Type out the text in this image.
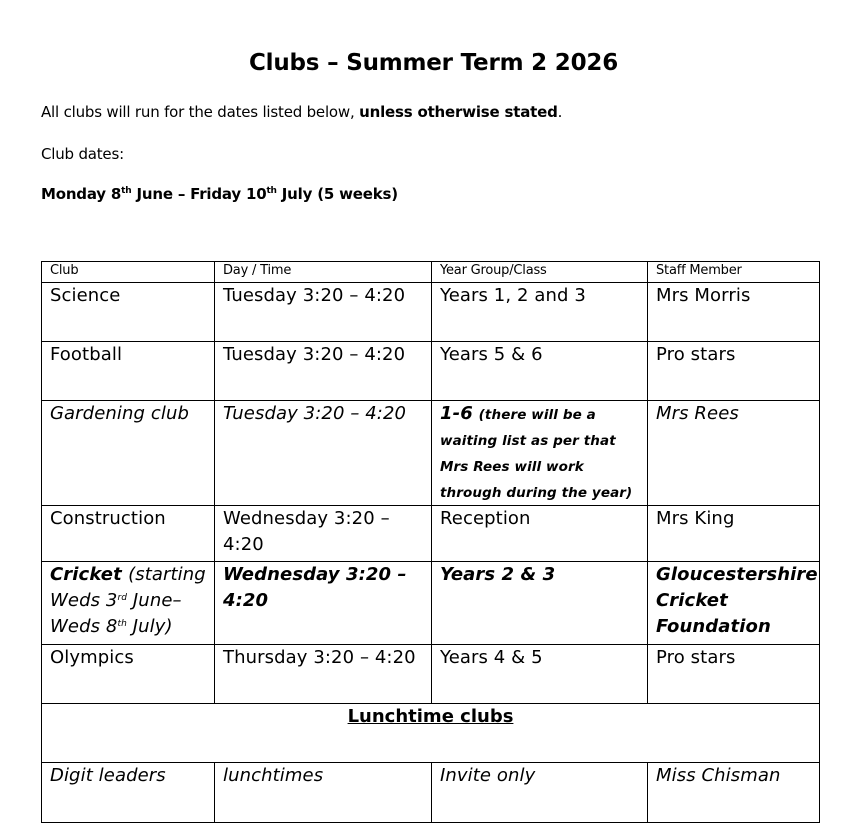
Clubs – Summer Term 2 2026
All clubs will run for the dates listed below, unless otherwise stated.
Club dates:
Monday 8th June – Friday 10th July (5 weeks)
Club	Day / Time	Year Group/Class	Staff Member
Science	Tuesday 3:20 – 4:20	Years 1, 2 and 3	Mrs Morris
Football	Tuesday 3:20 – 4:20	Years 5 & 6	Pro stars
Gardening club	Tuesday 3:20 – 4:20	1-6 (there will be a waiting list as per that Mrs Rees will work through during the year)	Mrs Rees
Construction	Wednesday 3:20 – 4:20	Reception	Mrs King
Cricket (starting Weds 3rd June– Weds 8th July)	Wednesday 3:20 – 4:20	Years 2 & 3	Gloucestershire Cricket Foundation
Olympics	Thursday 3:20 – 4:20	Years 4 & 5	Pro stars
Lunchtime clubs			
Digit leaders	lunchtimes	Invite only	Miss Chisman
